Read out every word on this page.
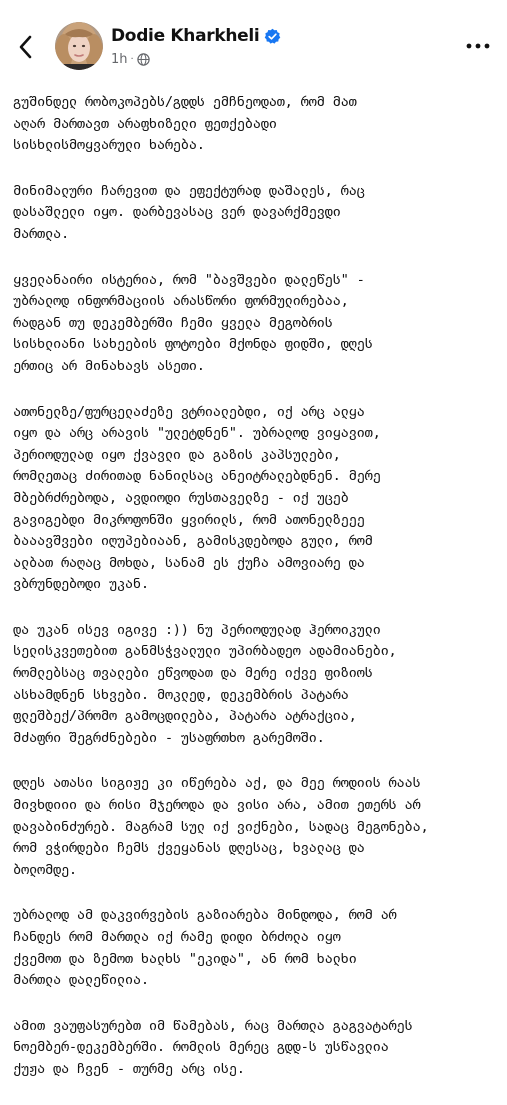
Dodie Kharkheli
1h ·

გუშინდელ რობოკოპებს/გდდს ემჩნეოდათ, რომ მათ
აღარ მართავთ არაფხიზელი ფეთქებადი
სისხლისმოყვარული ხარება.

მინიმალური ჩარევით და ეფექტურად დაშალეს, რაც
დასაშლელი იყო. დარბევასაც ვერ დავარქმევდი
მართლა.

ყველანაირი ისტერია, რომ "ბავშვები დალეწეს" -
უბრალოდ ინფორმაციის არასწორი ფორმულირებაა,
რადგან თუ დეკემბერში ჩემი ყველა მეგობრის
სისხლიანი სახეების ფოტოები მქონდა ფიდში, დღეს
ერთიც არ მინახავს ასეთი.

ათონელზე/ფურცელაძეზე ვტრიალებდი, იქ არც ალყა
იყო და არც არავის "ულეტდნენ". უბრალოდ ვიყავით,
პერიოდულად იყო ქვავლი და გაზის კაპსულები,
რომლეთაც ძირითად ნანილსაც ანეიტრალებდნენ. მერე
მბებრძრებოდა, ავდიოდი რუსთაველზე - იქ უცებ
გავიგებდი მიკროფონში ყვირილს, რომ ათონელზეეე
ბააავშვები იღუპებიაან, გამისკდებოდა გული, რომ
ალბათ რაღაც მოხდა, სანამ ეს ქუჩა ამოვიარე და
ვბრუნდებოდი უკან.

და უკან ისევ იგივე :)) ნუ პერიოდულად ჰეროიკული
სელისკვეთებით განმსჭვალული უპირბადეო ადამიანები,
რომლებსაც თვალები ეწვოდათ და მერე იქვე ფიზიოს
ასხამდნენ სხვები. მოკლედ, დეკემბრის პატარა
ფლეშბექ/პრომო გამოცდილება, პატარა ატრაქცია,
მძაფრი შეგრძნებები - უსაფრთხო გარემოში.

დღეს ათასი სიგიჟე კი იწერება აქ, და მეე როდიის რაას
მივხდიიი და რისი მჯეროდა და ვისი არა, ამით ეთერს არ
დავაბინძურებ. მაგრამ სულ იქ ვიქნები, სადაც მეგონება,
რომ ვჭირდები ჩემს ქვეყანას დღესაც, ხვალაც და
ბოლომდე.

უბრალოდ ამ დაკვირვების გაზიარება მინდოდა, რომ არ
ჩანდეს რომ მართლა იქ რამე დიდი ბრძოლა იყო
ქვემოთ და ზემოთ ხალხს "ეკიდა", ან რომ ხალხი
მართლა დალეწილია.

ამით ვაუფასურებთ იმ წამებას, რაც მართლა გაგვატარეს
ნოემბერ-დეკემბერში. რომლის მერეც გდდ-ს უსწავლია
ქუჟა და ჩვენ - თურმე არც ისე.
